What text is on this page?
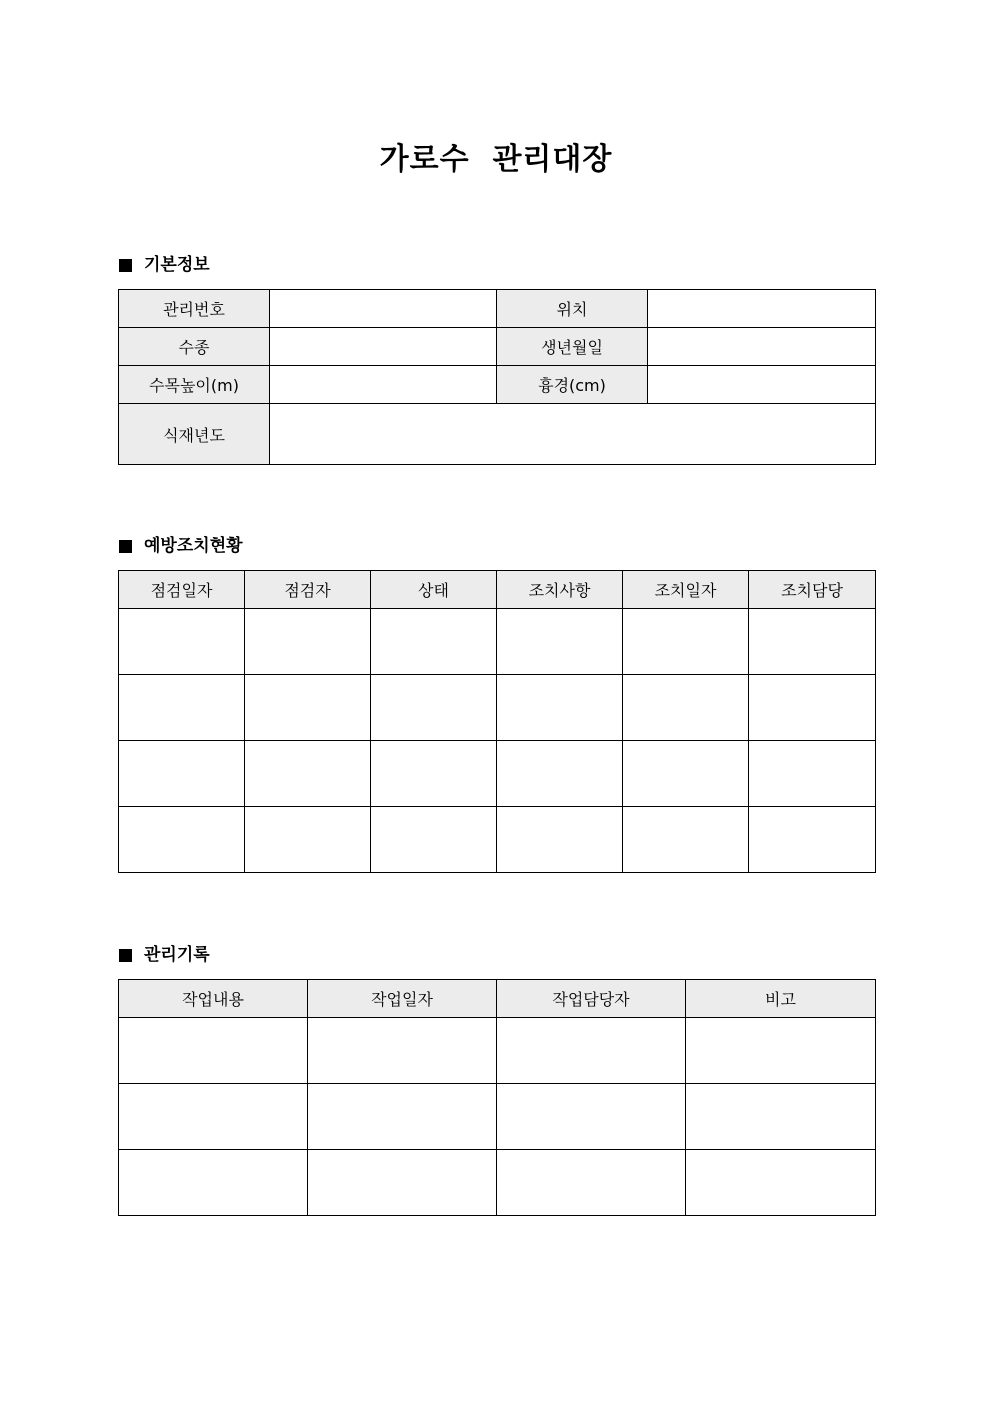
가로수  관리대장
기본정보
관리번호		위치	
수종		생년월일	
수목높이(m)		흉경(cm)	
식재년도			
예방조치현황
점검일자	점검자	상태	조치사항	조치일자	조치담당

관리기록
작업내용	작업일자	작업담당자	비고
